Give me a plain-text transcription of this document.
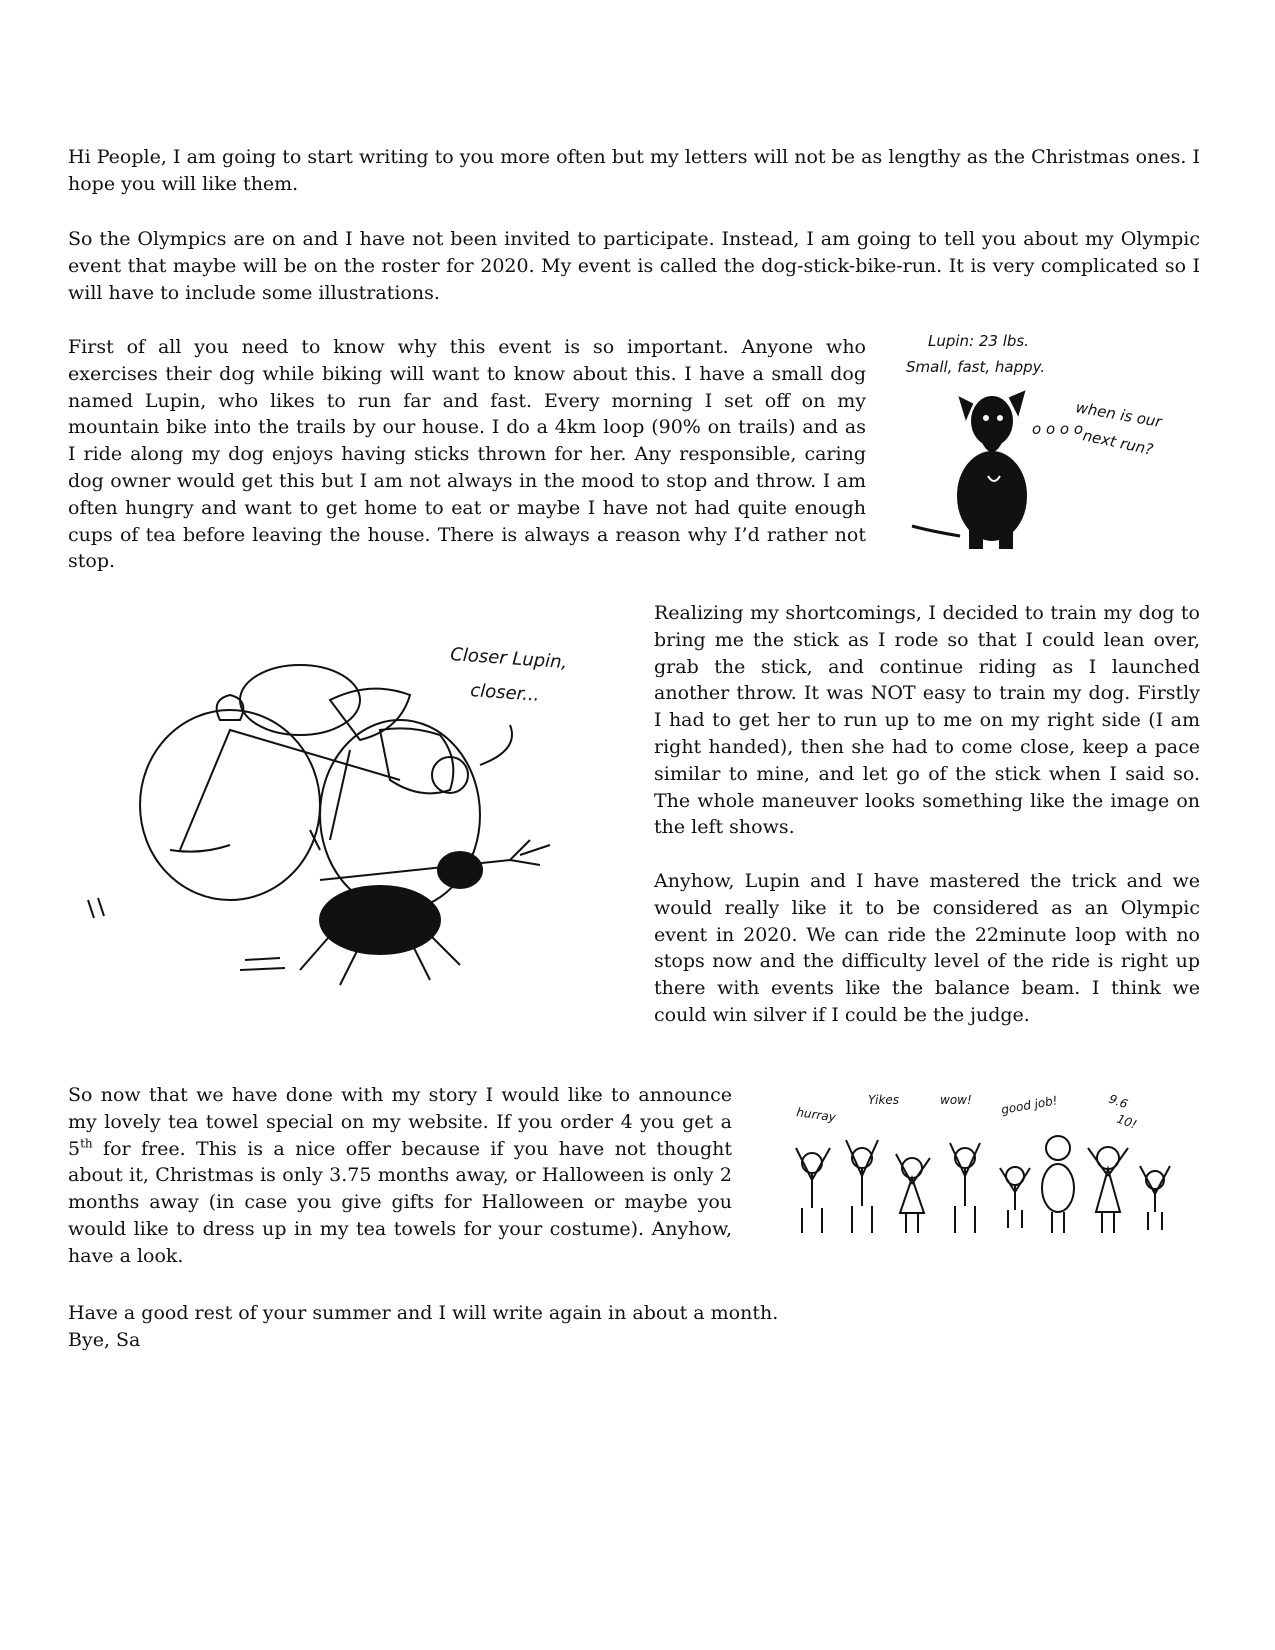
Hi People, I am going to start writing to you more often but my letters will not be as lengthy as the Christmas ones. I hope you will like them.

So the Olympics are on and I have not been invited to participate. Instead, I am going to tell you about my Olympic event that maybe will be on the roster for 2020. My event is called the dog-stick-bike-run. It is very complicated so I will have to include some illustrations.

First of all you need to know why this event is so important. Anyone who exercises their dog while biking will want to know about this. I have a small dog named Lupin, who likes to run far and fast. Every morning I set off on my mountain bike into the trails by our house. I do a 4km loop (90% on trails) and as I ride along my dog enjoys having sticks thrown for her. Any responsible, caring dog owner would get this but I am not always in the mood to stop and throw. I am often hungry and want to get home to eat or maybe I have not had quite enough cups of tea before leaving the house. There is always a reason why I’d rather not stop.

Lupin: 23 lbs.
Small, fast, happy.
o o o o
when is our
next run?
Closer Lupin,
closer...

Realizing my shortcomings, I decided to train my dog to bring me the stick as I rode so that I could lean over, grab the stick, and continue riding as I launched another throw. It was NOT easy to train my dog. Firstly I had to get her to run up to me on my right side (I am right handed), then she had to come close, keep a pace similar to mine, and let go of the stick when I said so. The whole maneuver looks something like the image on the left shows.

Anyhow, Lupin and I have mastered the trick and we would really like it to be considered as an Olympic event in 2020. We can ride the 22minute loop with no stops now and the difficulty level of the ride is right up there with events like the balance beam. I think we could win silver if I could be the judge.

So now that we have done with my story I would like to announce my lovely tea towel special on my website. If you order 4 you get a 5th for free. This is a nice offer because if you have not thought about it, Christmas is only 3.75 months away, or Halloween is only 2 months away (in case you give gifts for Halloween or maybe you would like to dress up in my tea towels for your costume). Anyhow, have a look.

hurray
Yikes	wow! good job!	9.6
10!

Have a good rest of your summer and I will write again in about a month.

Bye, Sa
